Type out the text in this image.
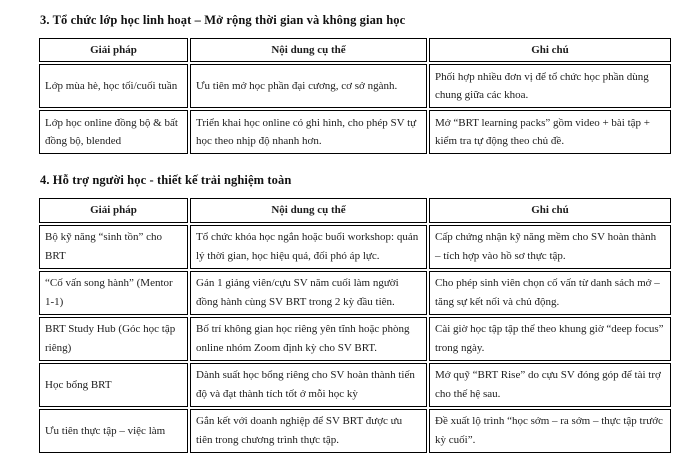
3. Tổ chức lớp học linh hoạt – Mở rộng thời gian và không gian học
Giải pháp	Nội dung cụ thể	Ghi chú
Lớp mùa hè, học tối/cuối tuần	Ưu tiên mở học phần đại cương, cơ sở ngành.	Phối hợp nhiều đơn vị để tổ chức học phần dùng chung giữa các khoa.
Lớp học online đồng bộ & bất đồng bộ, blended	Triển khai học online có ghi hình, cho phép SV tự học theo nhịp độ nhanh hơn.	Mở “BRT learning packs” gồm video + bài tập + kiểm tra tự động theo chủ đề.
4. Hỗ trợ người học - thiết kế trải nghiệm toàn
Giải pháp	Nội dung cụ thể	Ghi chú
Bộ kỹ năng “sinh tồn” cho BRT	Tổ chức khóa học ngắn hoặc buổi workshop: quản lý thời gian, học hiệu quả, đối phó áp lực.	Cấp chứng nhận kỹ năng mềm cho SV hoàn thành – tích hợp vào hồ sơ thực tập.
“Cố vấn song hành” (Mentor 1-1)	Gán 1 giảng viên/cựu SV năm cuối làm người đồng hành cùng SV BRT trong 2 kỳ đầu tiên.	Cho phép sinh viên chọn cố vấn từ danh sách mở – tăng sự kết nối và chủ động.
BRT Study Hub (Góc học tập riêng)	Bố trí không gian học riêng yên tĩnh hoặc phòng online nhóm Zoom định kỳ cho SV BRT.	Cài giờ học tập tập thể theo khung giờ “deep focus” trong ngày.
Học bổng BRT	Dành suất học bổng riêng cho SV hoàn thành tiến độ và đạt thành tích tốt ở mỗi học kỳ	Mở quỹ “BRT Rise” do cựu SV đóng góp để tài trợ cho thế hệ sau.
Ưu tiên thực tập – việc làm	Gắn kết với doanh nghiệp để SV BRT được ưu tiên trong chương trình thực tập.	Đề xuất lộ trình “học sớm – ra sớm – thực tập trước kỳ cuối”.
